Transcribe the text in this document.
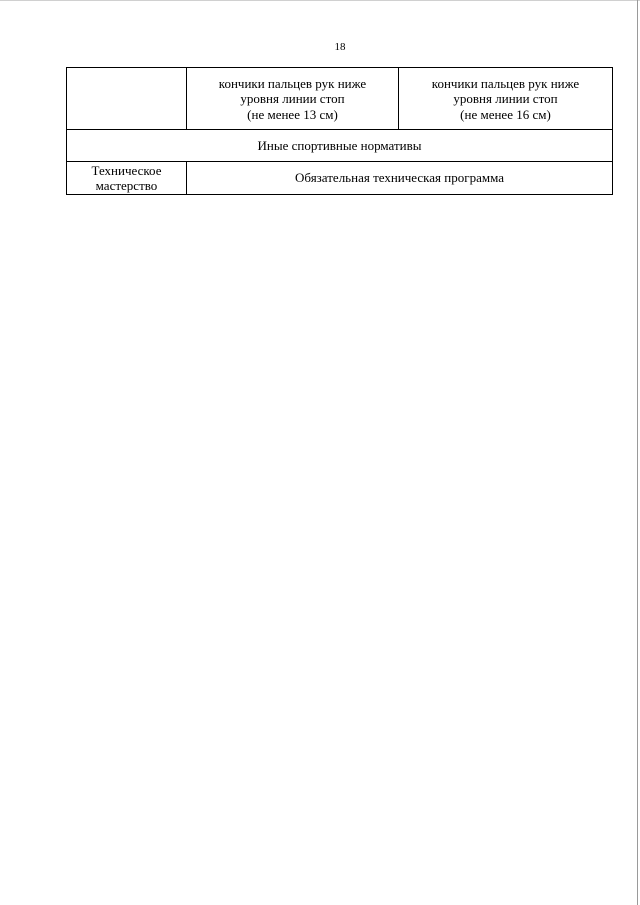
18
	кончики пальцев рук ниже
уровня линии стоп
(не менее 13 см)	кончики пальцев рук ниже
уровня линии стоп
(не менее 16 см)
Иные спортивные нормативы		
Техническое
мастерство	Обязательная техническая программа	
